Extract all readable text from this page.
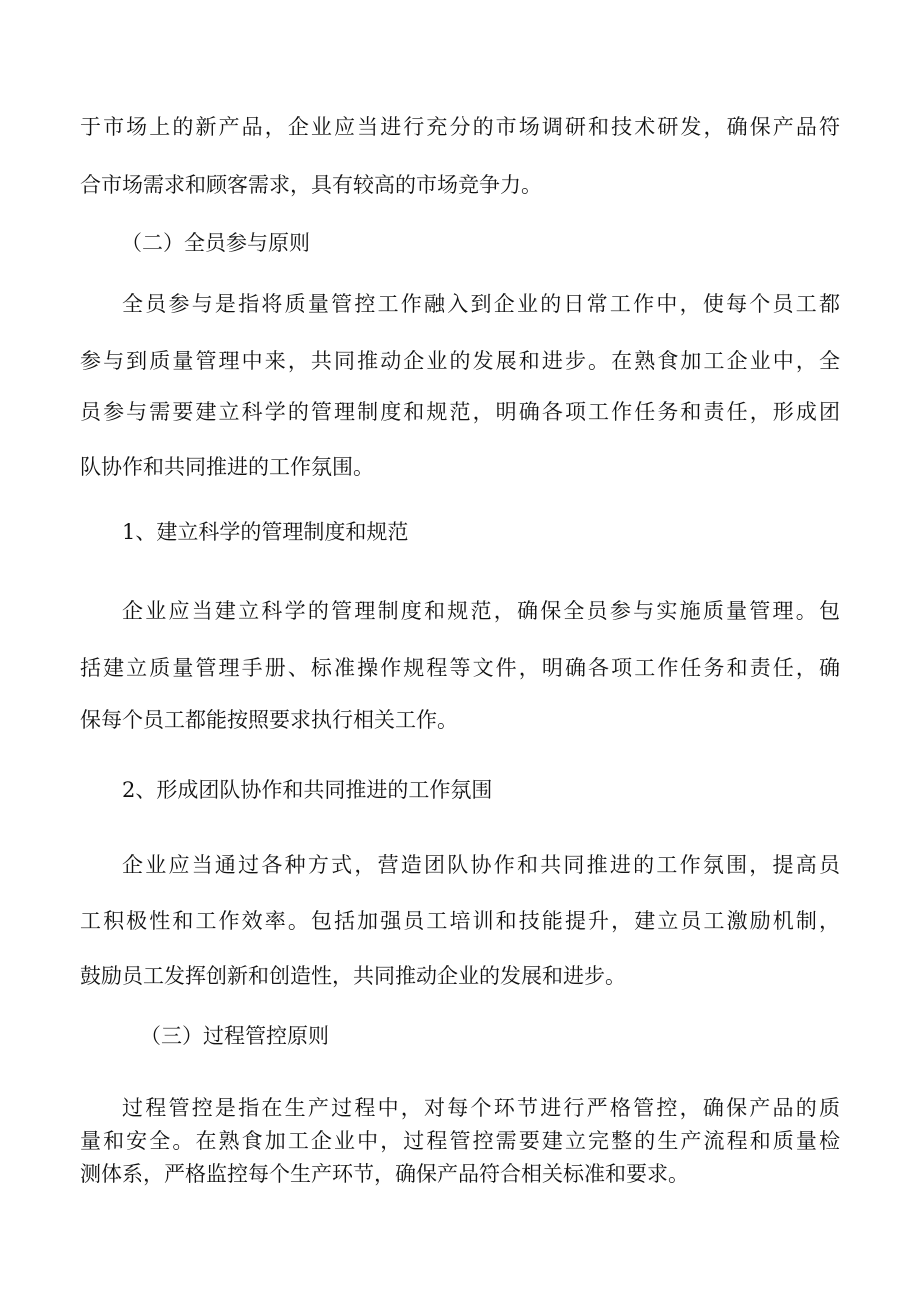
于市场上的新产品，企业应当进行充分的市场调研和技术研发，确保产品符
合市场需求和顾客需求，具有较高的市场竞争力。
（二）全员参与原则
全员参与是指将质量管控工作融入到企业的日常工作中，使每个员工都
参与到质量管理中来，共同推动企业的发展和进步。在熟食加工企业中，全
员参与需要建立科学的管理制度和规范，明确各项工作任务和责任，形成团
队协作和共同推进的工作氛围。
1、建立科学的管理制度和规范
企业应当建立科学的管理制度和规范，确保全员参与实施质量管理。包
括建立质量管理手册、标准操作规程等文件，明确各项工作任务和责任，确
保每个员工都能按照要求执行相关工作。
2、形成团队协作和共同推进的工作氛围
企业应当通过各种方式，营造团队协作和共同推进的工作氛围，提高员
工积极性和工作效率。包括加强员工培训和技能提升，建立员工激励机制，
鼓励员工发挥创新和创造性，共同推动企业的发展和进步。
（三）过程管控原则
过程管控是指在生产过程中，对每个环节进行严格管控，确保产品的质
量和安全。在熟食加工企业中，过程管控需要建立完整的生产流程和质量检
测体系，严格监控每个生产环节，确保产品符合相关标准和要求。
